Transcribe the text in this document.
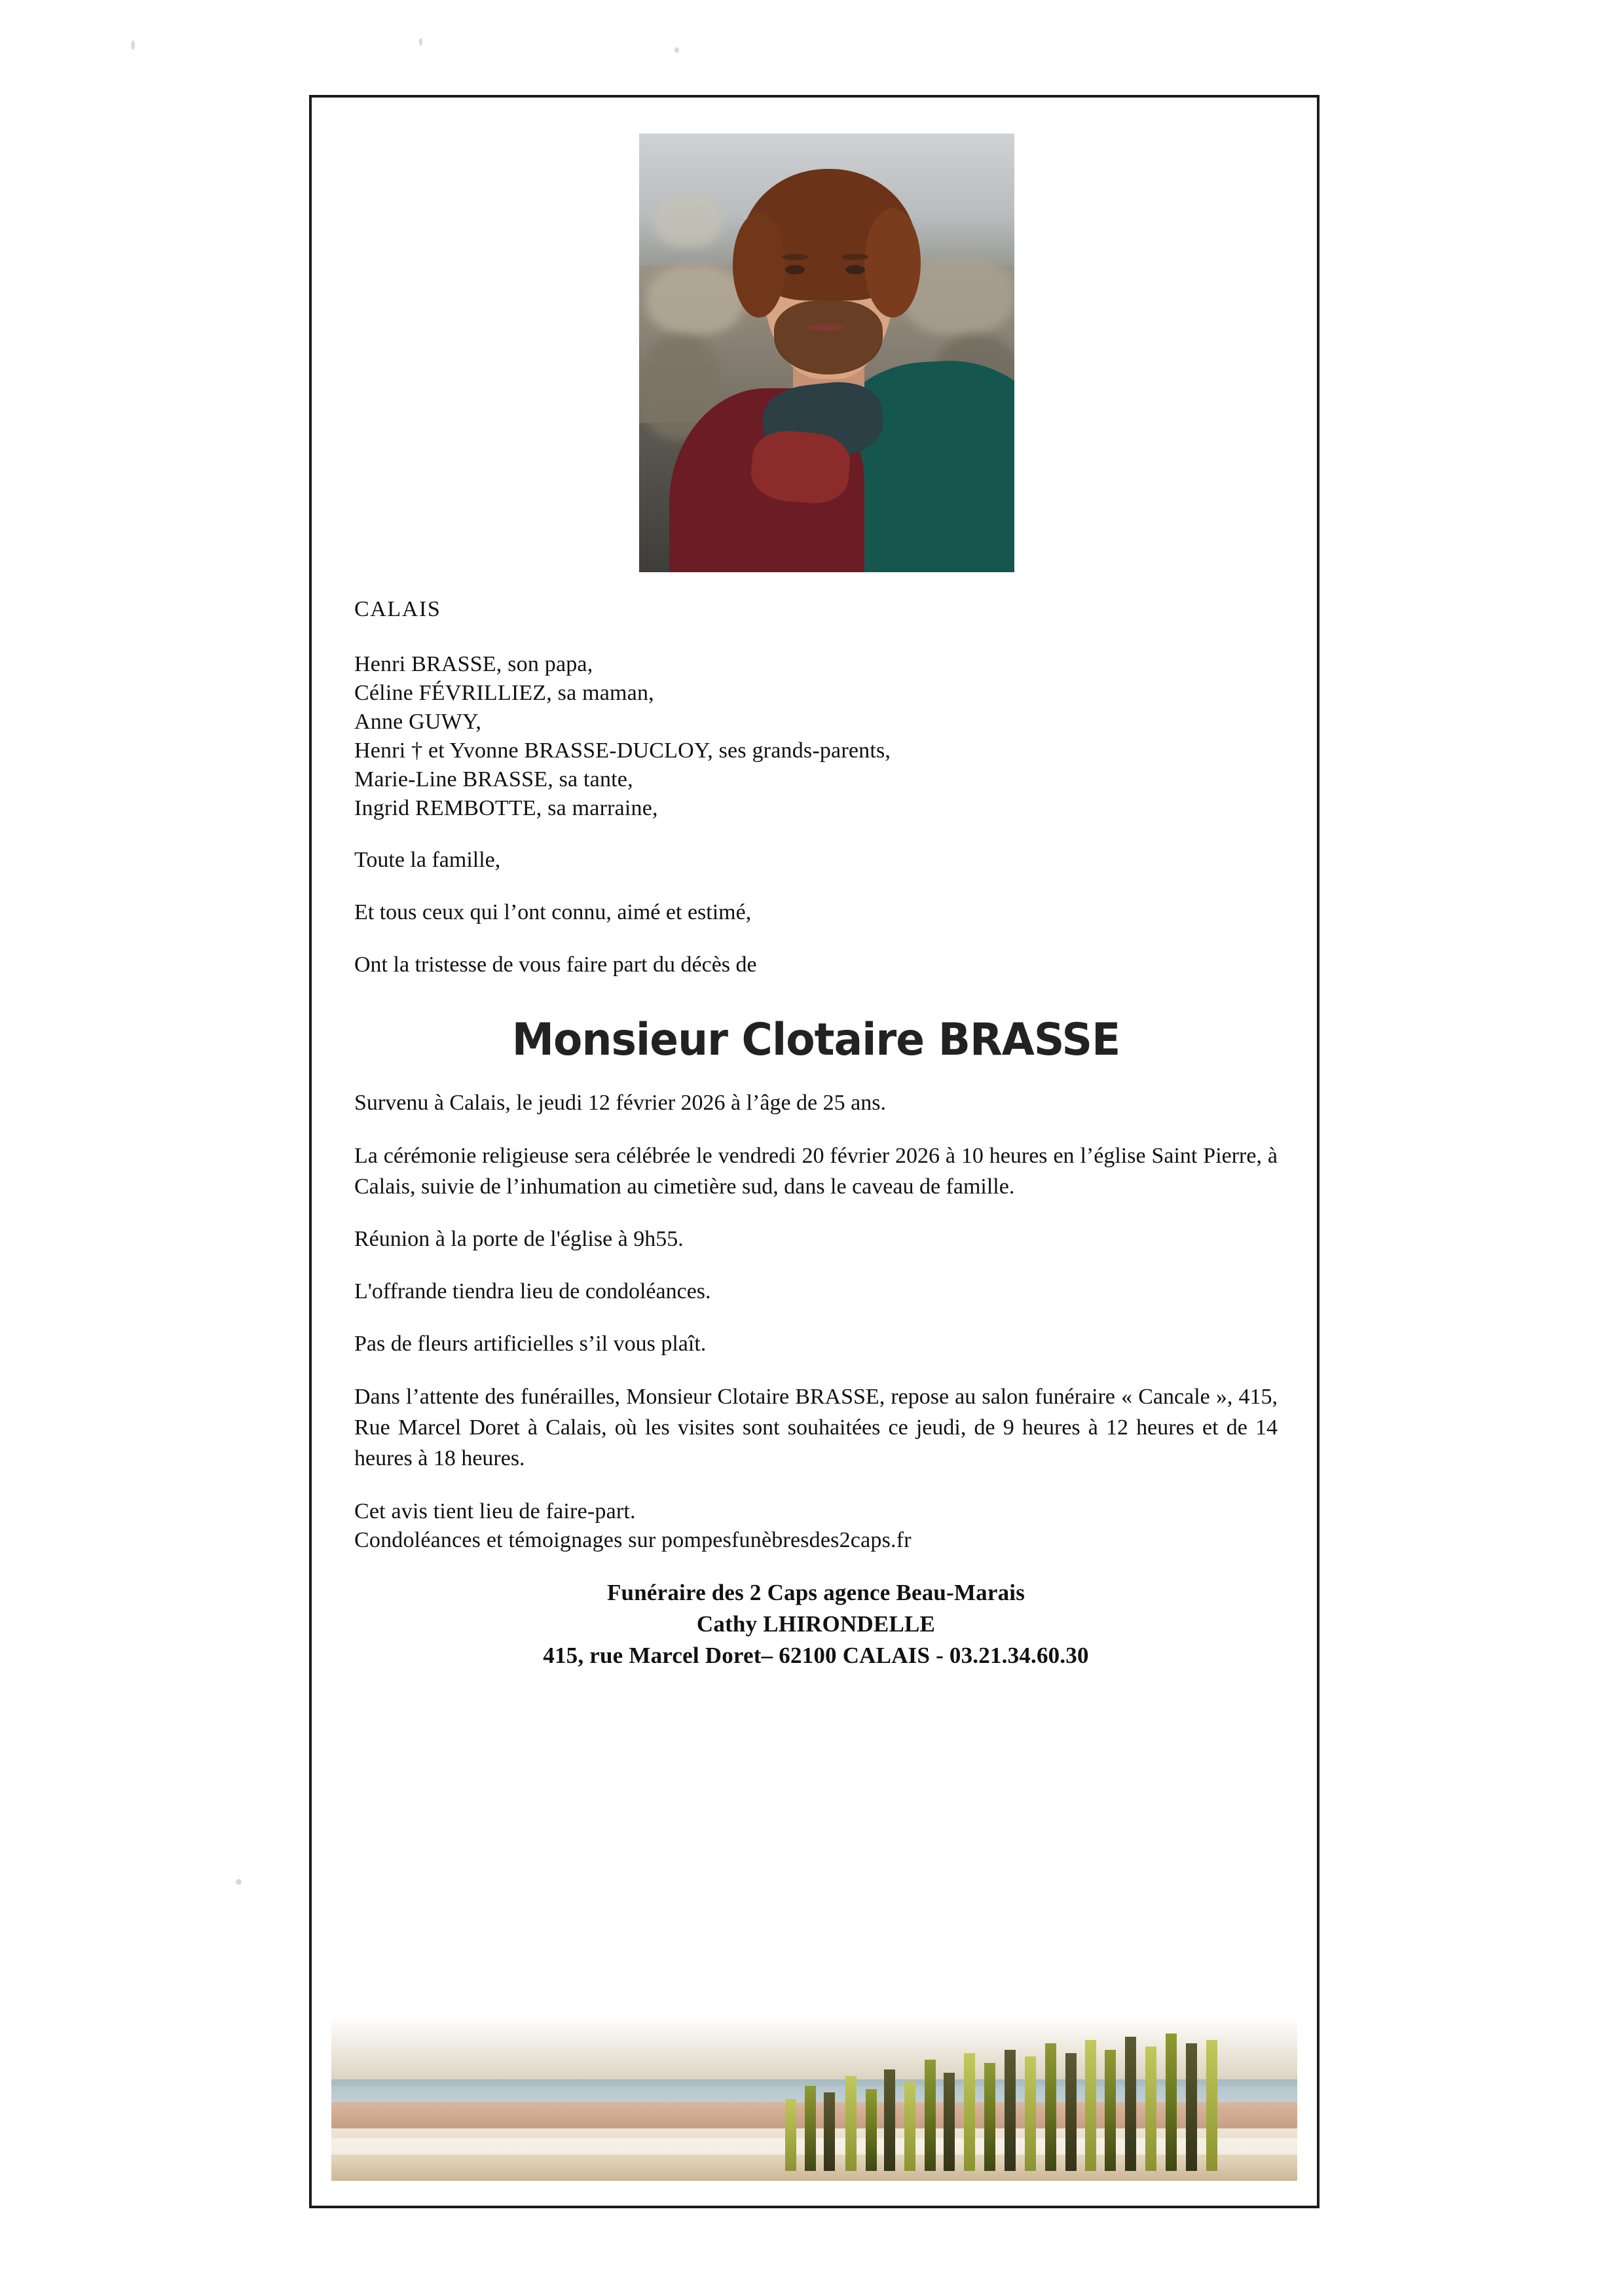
CALAIS
Henri BRASSE, son papa,
Céline FÉVRILLIEZ, sa maman,
Anne GUWY,
Henri † et Yvonne BRASSE-DUCLOY, ses grands-parents,
Marie-Line BRASSE, sa tante,
Ingrid REMBOTTE, sa marraine,
Toute la famille,
Et tous ceux qui l’ont connu, aimé et estimé,
Ont la tristesse de vous faire part du décès de
Monsieur Clotaire BRASSE
Survenu à Calais, le jeudi 12 février 2026 à l’âge de 25 ans.
La cérémonie religieuse sera célébrée le vendredi 20 février 2026 à 10 heures en l’église Saint Pierre, à Calais, suivie de l’inhumation au cimetière sud, dans le caveau de famille.
Réunion à la porte de l'église à 9h55.
L'offrande tiendra lieu de condoléances.
Pas de fleurs artificielles s’il vous plaît.
Dans l’attente des funérailles, Monsieur Clotaire BRASSE, repose au salon funéraire « Cancale », 415, Rue Marcel Doret à Calais, où les visites sont souhaitées ce jeudi, de 9 heures à 12 heures et de 14 heures à 18 heures.
Cet avis tient lieu de faire-part.
Condoléances et témoignages sur pompesfunèbresdes2caps.fr
Funéraire des 2 Caps agence Beau-Marais
Cathy LHIRONDELLE
415, rue Marcel Doret– 62100 CALAIS - 03.21.34.60.30
